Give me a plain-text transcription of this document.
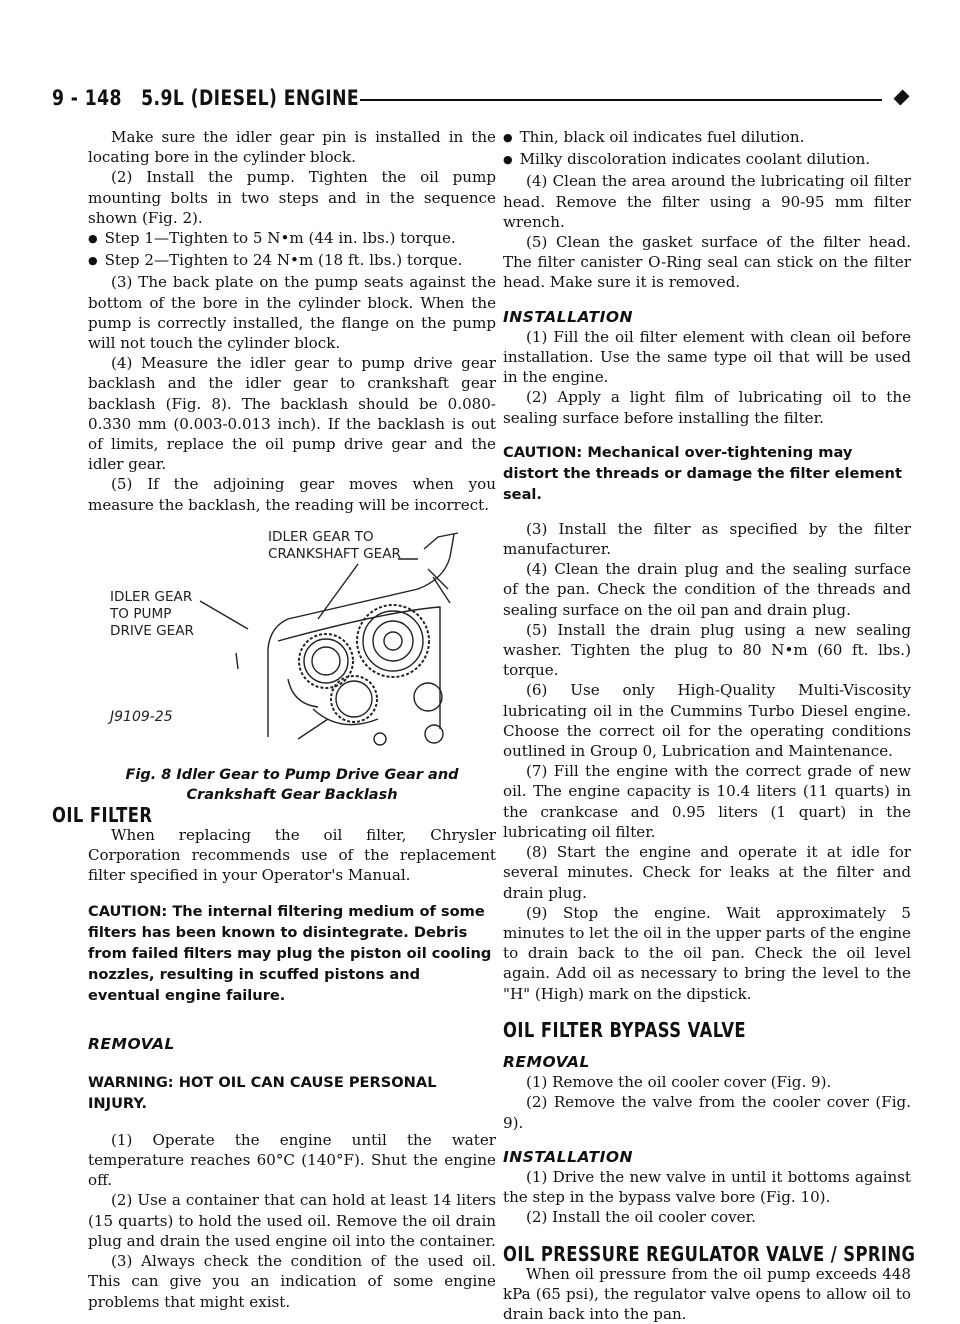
9 - 148 5.9L (DIESEL) ENGINE

Make sure the idler gear pin is installed in the locating bore in the cylinder block.

(2) Install the pump. Tighten the oil pump mounting bolts in two steps and in the sequence shown (Fig. 2).

●  Step 1—Tighten to 5 N•m (44 in. lbs.) torque.

●  Step 2—Tighten to 24 N•m (18 ft. lbs.) torque.

(3) The back plate on the pump seats against the bottom of the bore in the cylinder block. When the pump is correctly installed, the flange on the pump will not touch the cylinder block.

(4) Measure the idler gear to pump drive gear backlash and the idler gear to crankshaft gear backlash (Fig. 8). The backlash should be 0.080-0.330 mm (0.003-0.013 inch). If the backlash is out of limits, replace the oil pump drive gear and the idler gear.

(5) If the adjoining gear moves when you measure the backlash, the reading will be incorrect.

IDLER GEAR TO
CRANKSHAFT GEAR
IDLER GEAR
TO PUMP
DRIVE GEAR
J9109-25
Fig. 8 Idler Gear to Pump Drive Gear and
Crankshaft Gear Backlash
OIL FILTER

When replacing the oil filter, Chrysler Corporation recommends use of the replacement filter specified in your Operator's Manual.

CAUTION: The internal filtering medium of some filters has been known to disintegrate. Debris from failed filters may plug the piston oil cooling nozzles, resulting in scuffed pistons and eventual engine failure.

REMOVAL

WARNING: HOT OIL CAN CAUSE PERSONAL INJURY.

(1) Operate the engine until the water temperature reaches 60°C (140°F). Shut the engine off.

(2) Use a container that can hold at least 14 liters (15 quarts) to hold the used oil. Remove the oil drain plug and drain the used engine oil into the container.

(3) Always check the condition of the used oil. This can give you an indication of some engine problems that might exist.

●  Thin, black oil indicates fuel dilution.

●  Milky discoloration indicates coolant dilution.

(4) Clean the area around the lubricating oil filter head. Remove the filter using a 90-95 mm filter wrench.

(5) Clean the gasket surface of the filter head. The filter canister O-Ring seal can stick on the filter head. Make sure it is removed.

INSTALLATION

(1) Fill the oil filter element with clean oil before installation. Use the same type oil that will be used in the engine.

(2) Apply a light film of lubricating oil to the sealing surface before installing the filter.

CAUTION: Mechanical over-tightening may distort the threads or damage the filter element seal.

(3) Install the filter as specified by the filter manufacturer.

(4) Clean the drain plug and the sealing surface of the pan. Check the condition of the threads and sealing surface on the oil pan and drain plug.

(5) Install the drain plug using a new sealing washer. Tighten the plug to 80 N•m (60 ft. lbs.) torque.

(6) Use only High-Quality Multi-Viscosity lubricating oil in the Cummins Turbo Diesel engine. Choose the correct oil for the operating conditions outlined in Group 0, Lubrication and Maintenance.

(7) Fill the engine with the correct grade of new oil. The engine capacity is 10.4 liters (11 quarts) in the crankcase and 0.95 liters (1 quart) in the lubricating oil filter.

(8) Start the engine and operate it at idle for several minutes. Check for leaks at the filter and drain plug.

(9) Stop the engine. Wait approximately 5 minutes to let the oil in the upper parts of the engine to drain back to the oil pan. Check the oil level again. Add oil as necessary to bring the level to the "H" (High) mark on the dipstick.

OIL FILTER BYPASS VALVE
REMOVAL

(1) Remove the oil cooler cover (Fig. 9).

(2) Remove the valve from the cooler cover (Fig. 9).

INSTALLATION

(1) Drive the new valve in until it bottoms against the step in the bypass valve bore (Fig. 10).

(2) Install the oil cooler cover.

OIL PRESSURE REGULATOR VALVE / SPRING

When oil pressure from the oil pump exceeds 448 kPa (65 psi), the regulator valve opens to allow oil to drain back into the pan.
